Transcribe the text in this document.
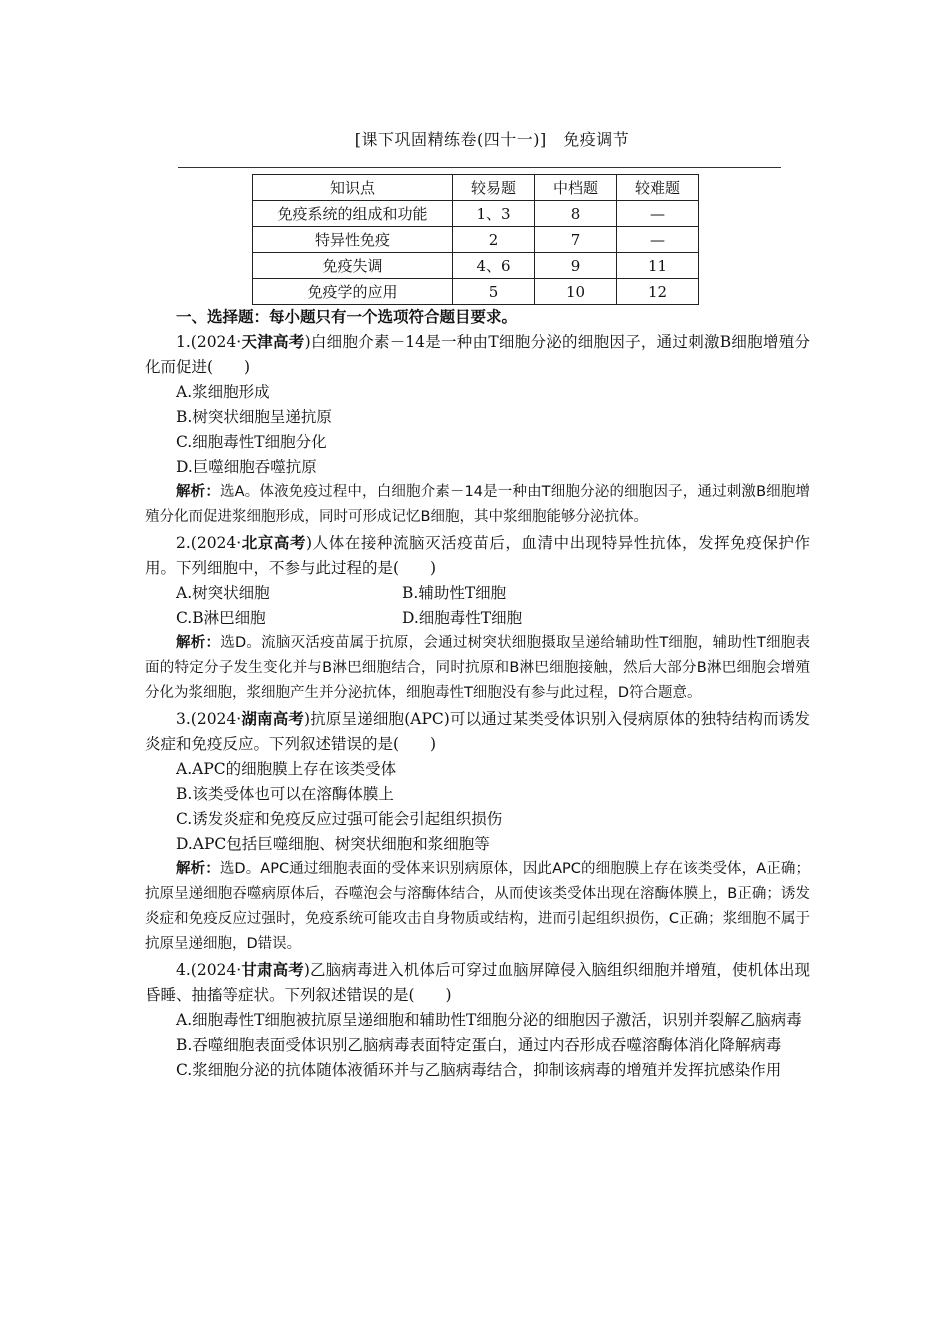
[课下巩固精练卷(四十一)]　免疫调节
知识点	较易题	中档题	较难题
免疫系统的组成和功能	1、3	8	—
特异性免疫	2	7	—
免疫失调	4、6	9	11
免疫学的应用	5	10	12

一、选择题：每小题只有一个选项符合题目要求。

1.(2024·天津高考)白细胞介素－14是一种由T细胞分泌的细胞因子，通过刺激B细胞增殖分化而促进(　　)

A.浆细胞形成

B.树突状细胞呈递抗原

C.细胞毒性T细胞分化

D.巨噬细胞吞噬抗原

解析：选A。体液免疫过程中，白细胞介素－14是一种由T细胞分泌的细胞因子，通过刺激B细胞增殖分化而促进浆细胞形成，同时可形成记忆B细胞，其中浆细胞能够分泌抗体。

2.(2024·北京高考)人体在接种流脑灭活疫苗后，血清中出现特异性抗体，发挥免疫保护作用。下列细胞中，不参与此过程的是(　　)

A.树突状细胞	B.辅助性T细胞

C.B淋巴细胞	D.细胞毒性T细胞

解析：选D。流脑灭活疫苗属于抗原，会通过树突状细胞摄取呈递给辅助性T细胞，辅助性T细胞表面的特定分子发生变化并与B淋巴细胞结合，同时抗原和B淋巴细胞接触，然后大部分B淋巴细胞会增殖分化为浆细胞，浆细胞产生并分泌抗体，细胞毒性T细胞没有参与此过程，D符合题意。

3.(2024·湖南高考)抗原呈递细胞(APC)可以通过某类受体识别入侵病原体的独特结构而诱发炎症和免疫反应。下列叙述错误的是(　　)

A.APC的细胞膜上存在该类受体

B.该类受体也可以在溶酶体膜上

C.诱发炎症和免疫反应过强可能会引起组织损伤

D.APC包括巨噬细胞、树突状细胞和浆细胞等

解析：选D。APC通过细胞表面的受体来识别病原体，因此APC的细胞膜上存在该类受体，A正确；抗原呈递细胞吞噬病原体后，吞噬泡会与溶酶体结合，从而使该类受体出现在溶酶体膜上，B正确；诱发炎症和免疫反应过强时，免疫系统可能攻击自身物质或结构，进而引起组织损伤，C正确；浆细胞不属于抗原呈递细胞，D错误。

4.(2024·甘肃高考)乙脑病毒进入机体后可穿过血脑屏障侵入脑组织细胞并增殖，使机体出现昏睡、抽搐等症状。下列叙述错误的是(　　)

A.细胞毒性T细胞被抗原呈递细胞和辅助性T细胞分泌的细胞因子激活，识别并裂解乙脑病毒

B.吞噬细胞表面受体识别乙脑病毒表面特定蛋白，通过内吞形成吞噬溶酶体消化降解病毒

C.浆细胞分泌的抗体随体液循环并与乙脑病毒结合，抑制该病毒的增殖并发挥抗感染作用
